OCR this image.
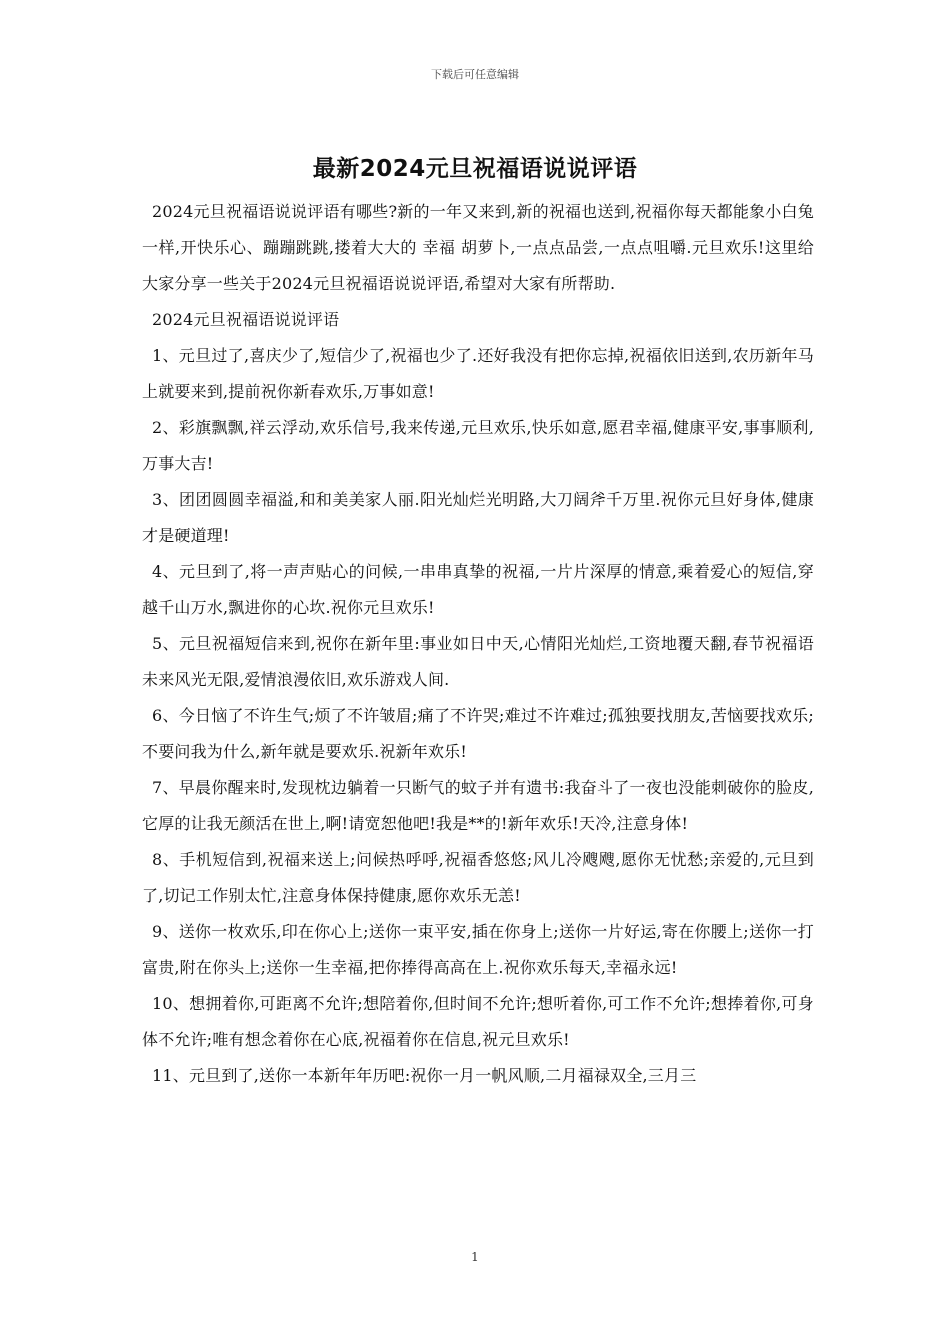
下载后可任意编辑
最新2024元旦祝福语说说评语

2024元旦祝福语说说评语有哪些?新的一年又来到,新的祝福也送到,祝福你每天都能象小白兔一样,开快乐心、蹦蹦跳跳,搂着大大的 幸福 胡萝卜,一点点品尝,一点点咀嚼.元旦欢乐!这里给大家分享一些关于2024元旦祝福语说说评语,希望对大家有所帮助.

2024元旦祝福语说说评语

1、元旦过了,喜庆少了,短信少了,祝福也少了.还好我没有把你忘掉,祝福依旧送到,农历新年马上就要来到,提前祝你新春欢乐,万事如意!

2、彩旗飘飘,祥云浮动,欢乐信号,我来传递,元旦欢乐,快乐如意,愿君幸福,健康平安,事事顺利,万事大吉!

3、团团圆圆幸福溢,和和美美家人丽.阳光灿烂光明路,大刀阔斧千万里.祝你元旦好身体,健康才是硬道理!

4、元旦到了,将一声声贴心的问候,一串串真挚的祝福,一片片深厚的情意,乘着爱心的短信,穿越千山万水,飘进你的心坎.祝你元旦欢乐!

5、元旦祝福短信来到,祝你在新年里:事业如日中天,心情阳光灿烂,工资地覆天翻,春节祝福语未来风光无限,爱情浪漫依旧,欢乐游戏人间.

6、今日恼了不许生气;烦了不许皱眉;痛了不许哭;难过不许难过;孤独要找朋友,苦恼要找欢乐;不要问我为什么,新年就是要欢乐.祝新年欢乐!

7、早晨你醒来时,发现枕边躺着一只断气的蚊子并有遗书:我奋斗了一夜也没能刺破你的脸皮,它厚的让我无颜活在世上,啊!请宽恕他吧!我是**的!新年欢乐!天冷,注意身体!

8、手机短信到,祝福来送上;问候热呼呼,祝福香悠悠;风儿冷飕飕,愿你无忧愁;亲爱的,元旦到了,切记工作别太忙,注意身体保持健康,愿你欢乐无恙!

9、送你一枚欢乐,印在你心上;送你一束平安,插在你身上;送你一片好运,寄在你腰上;送你一打富贵,附在你头上;送你一生幸福,把你捧得高高在上.祝你欢乐每天,幸福永远!

10、想拥着你,可距离不允许;想陪着你,但时间不允许;想听着你,可工作不允许;想捧着你,可身体不允许;唯有想念着你在心底,祝福着你在信息,祝元旦欢乐!

11、元旦到了,送你一本新年年历吧:祝你一月一帆风顺,二月福禄双全,三月三

1
